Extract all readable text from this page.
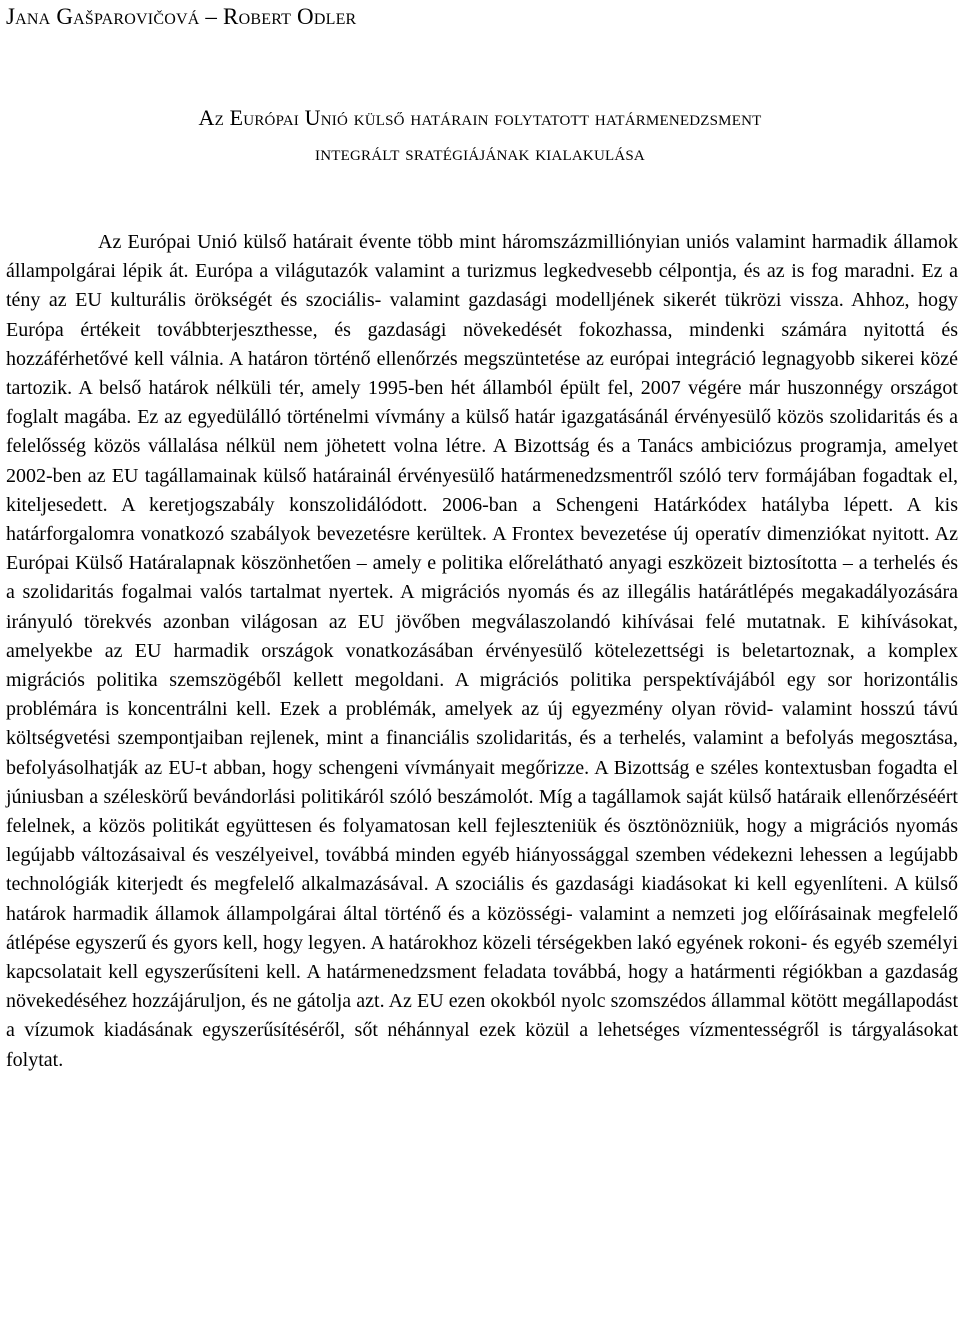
Jana Gašparovičová – Robert Odler
Az Európai Unió külső határain folytatott határmenedzsment
integrált sratégiájának kialakulása

Az Európai Unió külső határait évente több mint háromszázmilliónyian uniós valamint harmadik államok állampolgárai lépik át. Európa a világutazók valamint a turizmus legkedvesebb célpontja, és az is fog maradni. Ez a tény az EU kulturális örökségét és szociális- valamint gazdasági modelljének sikerét tükrözi vissza. Ahhoz, hogy Európa értékeit továbbterjeszthesse, és gazdasági növekedését fokozhassa, mindenki számára nyitottá és hozzáférhetővé kell válnia. A határon történő ellenőrzés megszüntetése az európai integráció legnagyobb sikerei közé tartozik. A belső határok nélküli tér, amely 1995-ben hét államból épült fel, 2007 végére már huszonnégy országot foglalt magába. Ez az egyedülálló történelmi vívmány a külső határ igazgatásánál érvényesülő közös szolidaritás és a felelősség közös vállalása nélkül nem jöhetett volna létre. A Bizottság és a Tanács ambiciózus programja, amelyet 2002-ben az EU tagállamainak külső határainál érvényesülő határmenedzsmentről szóló terv formájában fogadtak el, kiteljesedett. A keretjogszabály konszolidálódott. 2006-ban a Schengeni Határkódex hatályba lépett. A kis határforgalomra vonatkozó szabályok bevezetésre kerültek. A Frontex bevezetése új operatív dimenziókat nyitott. Az Európai Külső Határalapnak köszönhetően – amely e politika előrelátható anyagi eszközeit biztosította – a terhelés és a szolidaritás fogalmai valós tartalmat nyertek. A migrációs nyomás és az illegális határátlépés megakadályozására irányuló törekvés azonban világosan az EU jövőben megválaszolandó kihívásai felé mutatnak. E kihívásokat, amelyekbe az EU harmadik országok vonatkozásában érvényesülő kötelezettségi is beletartoznak, a komplex migrációs politika szemszögéből kellett megoldani. A migrációs politika perspektívájából egy sor horizontális problémára is koncentrálni kell. Ezek a problémák, amelyek az új egyezmény olyan rövid- valamint hosszú távú költségvetési szempontjaiban rejlenek, mint a financiális szolidaritás, és a terhelés, valamint a befolyás megosztása, befolyásolhatják az EU-t abban, hogy schengeni vívmányait megőrizze. A Bizottság e széles kontextusban fogadta el júniusban a széleskörű bevándorlási politikáról szóló beszámolót. Míg a tagállamok saját külső határaik ellenőrzéséért felelnek, a közös politikát együttesen és folyamatosan kell fejleszteniük és ösztönözniük, hogy a migrációs nyomás legújabb változásaival és veszélyeivel, továbbá minden egyéb hiányossággal szemben védekezni lehessen a legújabb technológiák kiterjedt és megfelelő alkalmazásával. A szociális és gazdasági kiadásokat ki kell egyenlíteni. A külső határok harmadik államok állampolgárai által történő és a közösségi- valamint a nemzeti jog előírásainak megfelelő átlépése egyszerű és gyors kell, hogy legyen. A határokhoz közeli térségekben lakó egyének rokoni- és egyéb személyi kapcsolatait kell egyszerűsíteni kell. A határmenedzsment feladata továbbá, hogy a határmenti régiókban a gazdaság növekedéséhez hozzájáruljon, és ne gátolja azt. Az EU ezen okokból nyolc szomszédos állammal kötött megállapodást a vízumok kiadásának egyszerűsítéséről, sőt néhánnyal ezek közül a lehetséges vízmentességről is tárgyalásokat folytat.
